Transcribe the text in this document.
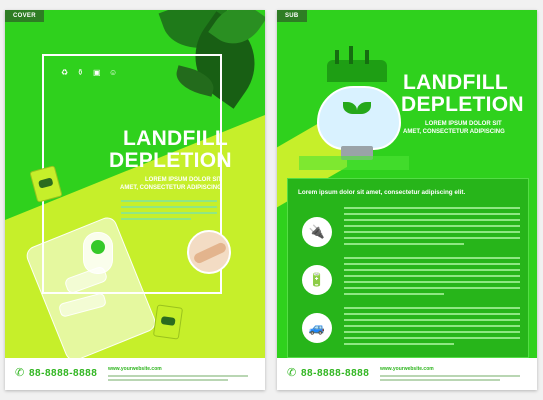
COVER
♻ ⚱ ▣ ☺
LANDFILL
DEPLETION
LOREM IPSUM DOLOR SIT
AMET, CONSECTETUR ADIPISCING
✆ 88-8888-8888 www.yourwebsite.com
SUB
LANDFILL
DEPLETION
LOREM IPSUM DOLOR SIT
AMET, CONSECTETUR ADIPISCING
Lorem ipsum dolor sit amet, consectetur adipiscing elit.
🔌
🔋
🚙
✆ 88-8888-8888 www.yourwebsite.com
